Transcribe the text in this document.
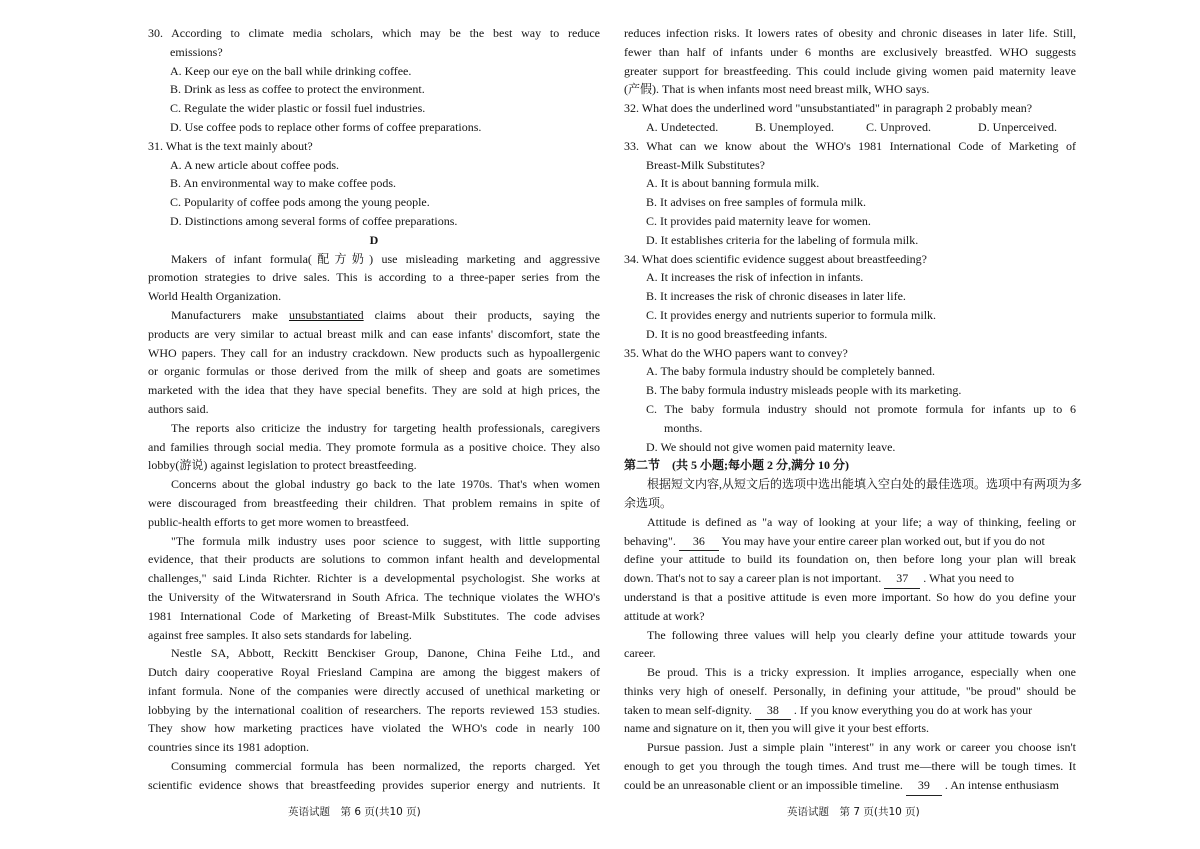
30. According to climate media scholars, which may be the best way to reduce
emissions?
A. Keep our eye on the ball while drinking coffee.
B. Drink as less as coffee to protect the environment.
C. Regulate the wider plastic or fossil fuel industries.
D. Use coffee pods to replace other forms of coffee preparations.
31. What is the text mainly about?
A. A new article about coffee pods.
B. An environmental way to make coffee pods.
C. Popularity of coffee pods among the young people.
D. Distinctions among several forms of coffee preparations.
D
Makers of infant formula(配方奶) use misleading marketing and aggressive
promotion strategies to drive sales. This is according to a three-paper series from the
World Health Organization.
Manufacturers make unsubstantiated claims about their products, saying the
products are very similar to actual breast milk and can ease infants' discomfort, state the
WHO papers. They call for an industry crackdown. New products such as hypoallergenic
or organic formulas or those derived from the milk of sheep and goats are sometimes
marketed with the idea that they have special benefits. They are sold at high prices, the
authors said.
The reports also criticize the industry for targeting health professionals, caregivers
and families through social media. They promote formula as a positive choice. They also
lobby(游说) against legislation to protect breastfeeding.
Concerns about the global industry go back to the late 1970s. That's when women
were discouraged from breastfeeding their children. That problem remains in spite of
public-health efforts to get more women to breastfeed.
"The formula milk industry uses poor science to suggest, with little supporting
evidence, that their products are solutions to common infant health and developmental
challenges," said Linda Richter. Richter is a developmental psychologist. She works at
the University of the Witwatersrand in South Africa. The technique violates the WHO's
1981 International Code of Marketing of Breast-Milk Substitutes. The code advises
against free samples. It also sets standards for labeling.
Nestle SA, Abbott, Reckitt Benckiser Group, Danone, China Feihe Ltd., and
Dutch dairy cooperative Royal Friesland Campina are among the biggest makers of
infant formula. None of the companies were directly accused of unethical marketing or
lobbying by the international coalition of researchers. The reports reviewed 153 studies.
They show how marketing practices have violated the WHO's code in nearly 100
countries since its 1981 adoption.
Consuming commercial formula has been normalized, the reports charged. Yet
scientific evidence shows that breastfeeding provides superior energy and nutrients. It
英语试题　第 6 页(共10 页)
reduces infection risks. It lowers rates of obesity and chronic diseases in later life. Still,
fewer than half of infants under 6 months are exclusively breastfed. WHO suggests
greater support for breastfeeding. This could include giving women paid maternity leave
(产假). That is when infants most need breast milk, WHO says.
32. What does the underlined word "unsubstantiated" in paragraph 2 probably mean?
A. Undetected.	B. Unemployed.	C. Unproved.	D. Unperceived.
33. What can we know about the WHO's 1981 International Code of Marketing of
Breast-Milk Substitutes?
A. It is about banning formula milk.
B. It advises on free samples of formula milk.
C. It provides paid maternity leave for women.
D. It establishes criteria for the labeling of formula milk.
34. What does scientific evidence suggest about breastfeeding?
A. It increases the risk of infection in infants.
B. It increases the risk of chronic diseases in later life.
C. It provides energy and nutrients superior to formula milk.
D. It is no good breastfeeding infants.
35. What do the WHO papers want to convey?
A. The baby formula industry should be completely banned.
B. The baby formula industry misleads people with its marketing.
C. The baby formula industry should not promote formula for infants up to 6
months.
D. We should not give women paid maternity leave.
第二节　(共 5 小题;每小题 2 分,满分 10 分)
根据短文内容,从短文后的选项中选出能填入空白处的最佳选项。选项中有两项为多
余选项。
Attitude is defined as "a way of looking at your life; a way of thinking, feeling or
behaving". 36 You may have your entire career plan worked out, but if you do not
define your attitude to build its foundation on, then before long your plan will break
down. That's not to say a career plan is not important. 37 . What you need to
understand is that a positive attitude is even more important. So how do you define your
attitude at work?
The following three values will help you clearly define your attitude towards your
career.
Be proud. This is a tricky expression. It implies arrogance, especially when one
thinks very high of oneself. Personally, in defining your attitude, "be proud" should be
taken to mean self-dignity. 38 . If you know everything you do at work has your
name and signature on it, then you will give it your best efforts.
Pursue passion. Just a simple plain "interest" in any work or career you choose isn't
enough to get you through the tough times. And trust me—there will be tough times. It
could be an unreasonable client or an impossible timeline. 39 . An intense enthusiasm
英语试题　第 7 页(共10 页)
